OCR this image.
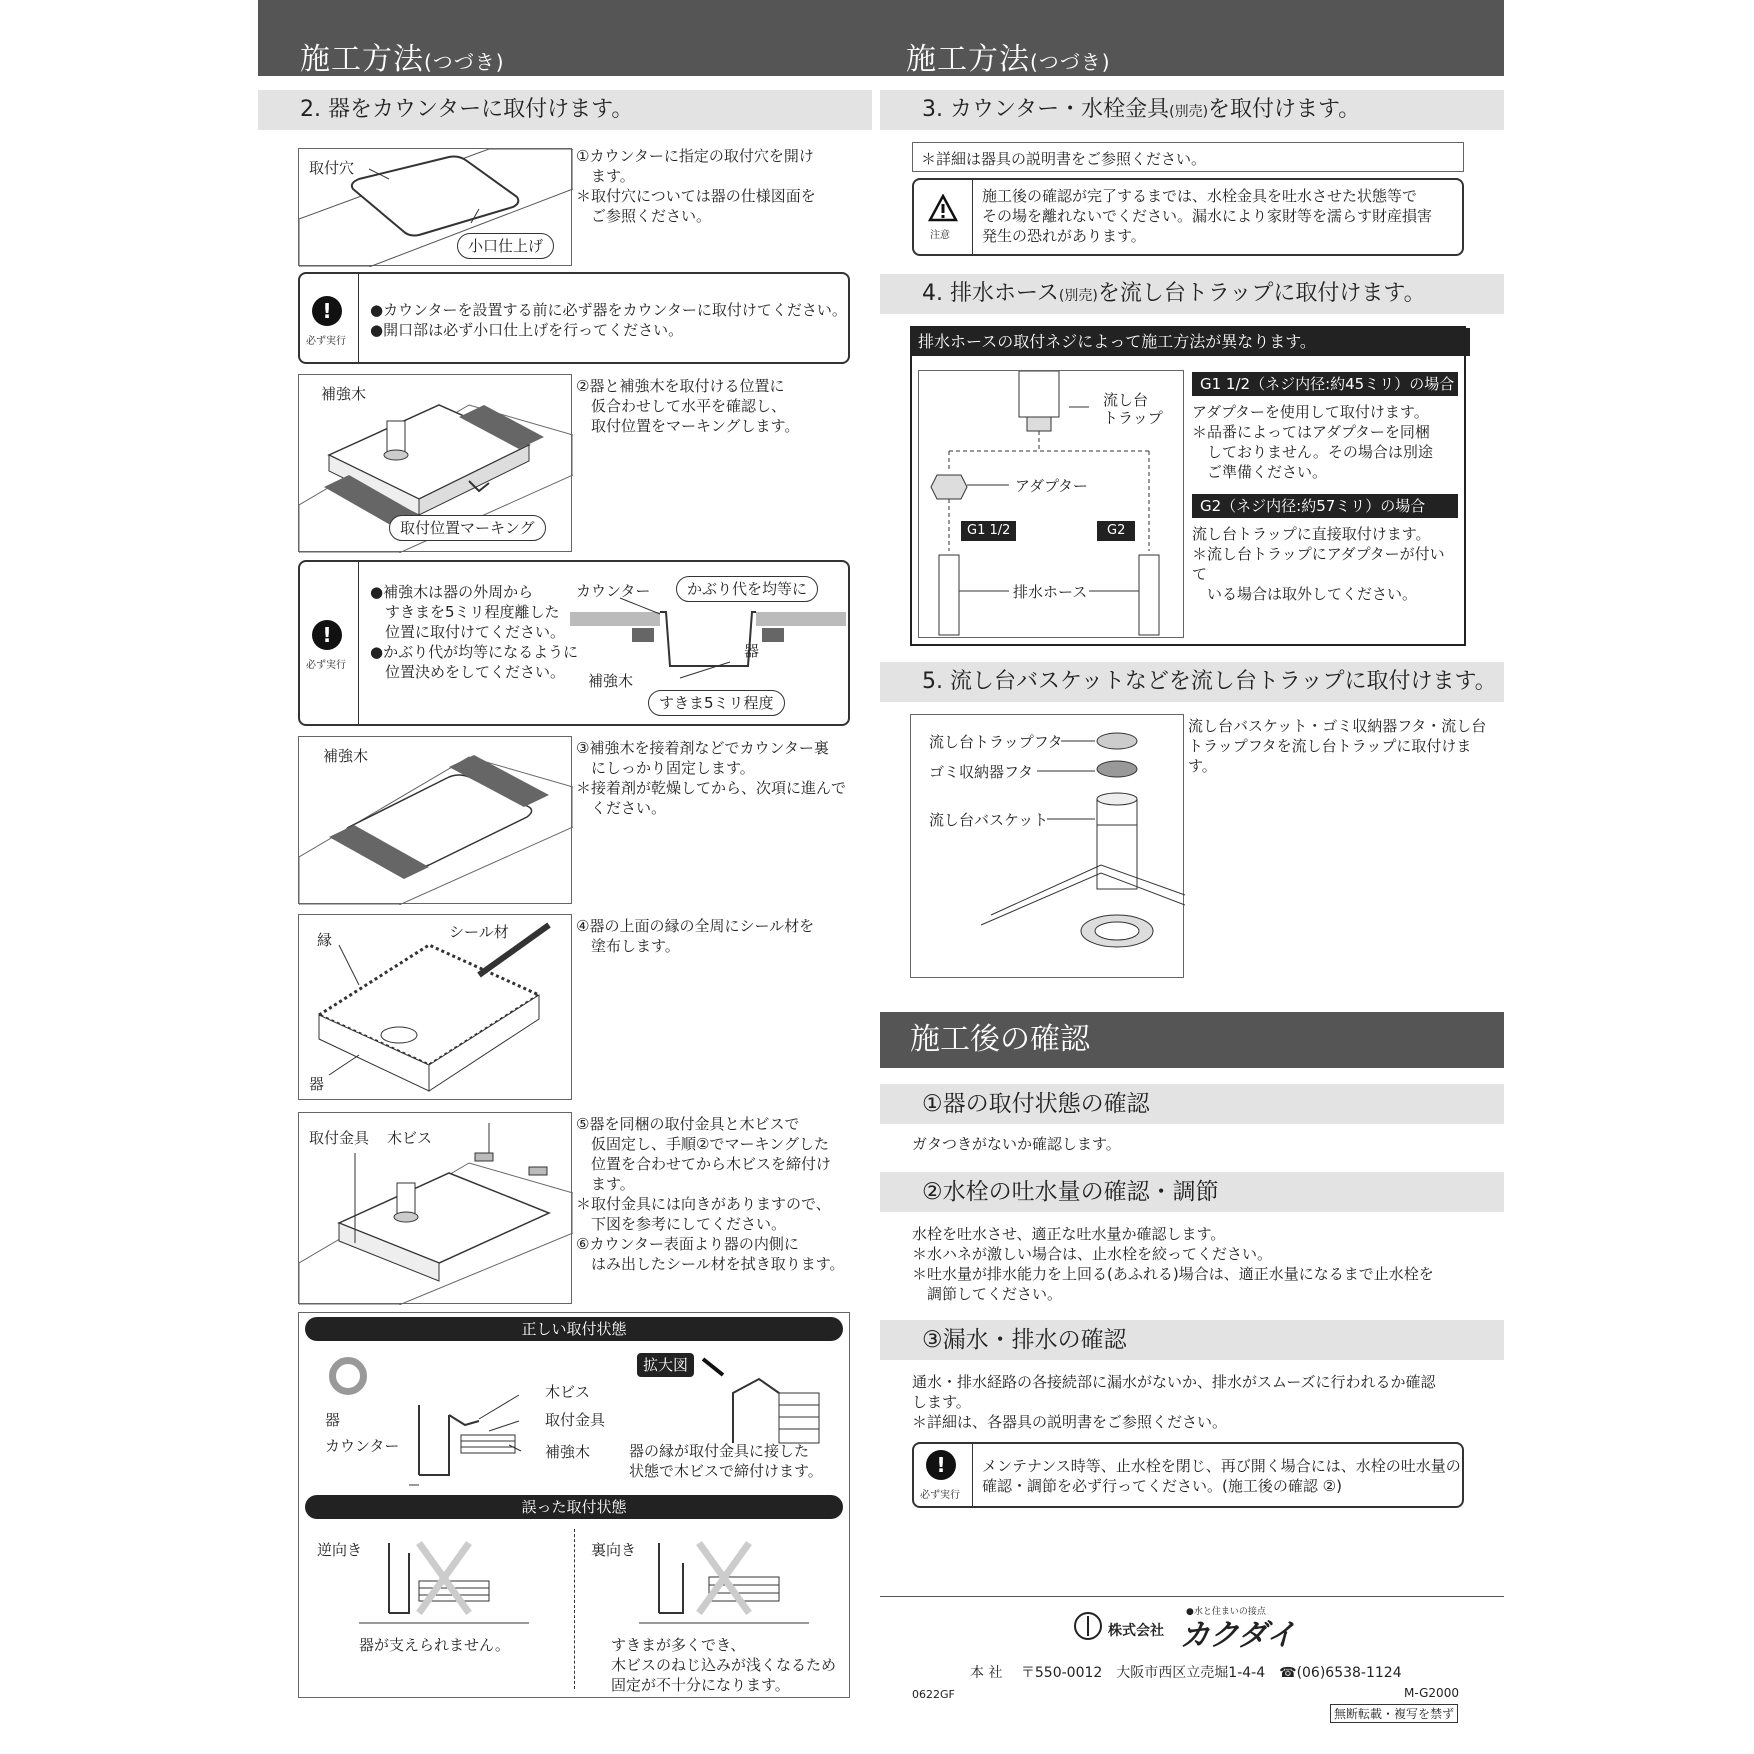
施工方法(つづき)	施工方法(つづき)
2. 器をカウンターに取付けます。
取付穴
小口仕上げ
①カウンターに指定の取付穴を開け
　ます。
＊取付穴については器の仕様図面を
　ご参照ください。
!
必ず実行
●カウンターを設置する前に必ず器をカウンターに取付けてください。
●開口部は必ず小口仕上げを行ってください。
補強木
取付位置マーキング
②器と補強木を取付ける位置に
　仮合わせして水平を確認し、
　取付位置をマーキングします。
!
必ず実行
●補強木は器の外周から
　すきまを5ミリ程度離した
　位置に取付けてください。
●かぶり代が均等になるように
　位置決めをしてください。
カウンター	かぶり代を均等に
器
補強木
すきま5ミリ程度
補強木	③補強木を接着剤などでカウンター裏
　にしっかり固定します。
＊接着剤が乾燥してから、次項に進んで
　ください。
縁	シール材
器
④器の上面の縁の全周にシール材を
　塗布します。
取付金具 木ビス
⑤器を同梱の取付金具と木ビスで
　仮固定し、手順②でマーキングした
　位置を合わせてから木ビスを締付け
　ます。
＊取付金具には向きがありますので、
　下図を参考にしてください。
⑥カウンター表面より器の内側に
　はみ出したシール材を拭き取ります。
正しい取付状態
器
カウンター
木ビス
取付金具
補強木
拡大図
器の縁が取付金具に接した
状態で木ビスで締付けます。
誤った取付状態
逆向き
器が支えられません。
裏向き
すきまが多くでき、
木ビスのねじ込みが浅くなるため
固定が不十分になります。
3. カウンター・水栓金具(別売)を取付けます。
＊詳細は器具の説明書をご参照ください。
注意
施工後の確認が完了するまでは、水栓金具を吐水させた状態等で
その場を離れないでください。漏水により家財等を濡らす財産損害
発生の恐れがあります。
4. 排水ホース(別売)を流し台トラップに取付けます。
排水ホースの取付ネジによって施工方法が異なります。
流し台
トラップ
アダプター
G1 1/2	G2
排水ホース
G1 1/2（ネジ内径:約45ミリ）の場合
アダプターを使用して取付けます。
＊品番によってはアダプターを同梱
　しておりません。その場合は別途
　ご準備ください。
G2（ネジ内径:約57ミリ）の場合
流し台トラップに直接取付けます。
＊流し台トラップにアダプターが付いて
　いる場合は取外してください。
5. 流し台バスケットなどを流し台トラップに取付けます。
流し台トラップフタ
ゴミ収納器フタ
流し台バスケット
流し台バスケット・ゴミ収納器フタ・流し台
トラップフタを流し台トラップに取付けます。
施工後の確認
①器の取付状態の確認
ガタつきがないか確認します。
②水栓の吐水量の確認・調節
水栓を吐水させ、適正な吐水量か確認します。
＊水ハネが激しい場合は、止水栓を絞ってください。
＊吐水量が排水能力を上回る(あふれる)場合は、適正水量になるまで止水栓を
　調節してください。
③漏水・排水の確認
通水・排水経路の各接続部に漏水がないか、排水がスムーズに行われるか確認
します。
＊詳細は、各器具の説明書をご参照ください。
!
必ず実行
メンテナンス時等、止水栓を閉じ、再び開く場合には、水栓の吐水量の
確認・調節を必ず行ってください。(施工後の確認 ②)
●水と住まいの接点
株式会社 カクダイ
本 社　 〒550-0012　大阪市西区立売堀1-4-4　☎(06)6538-1124
0622GF	M-G2000
無断転載・複写を禁ず
